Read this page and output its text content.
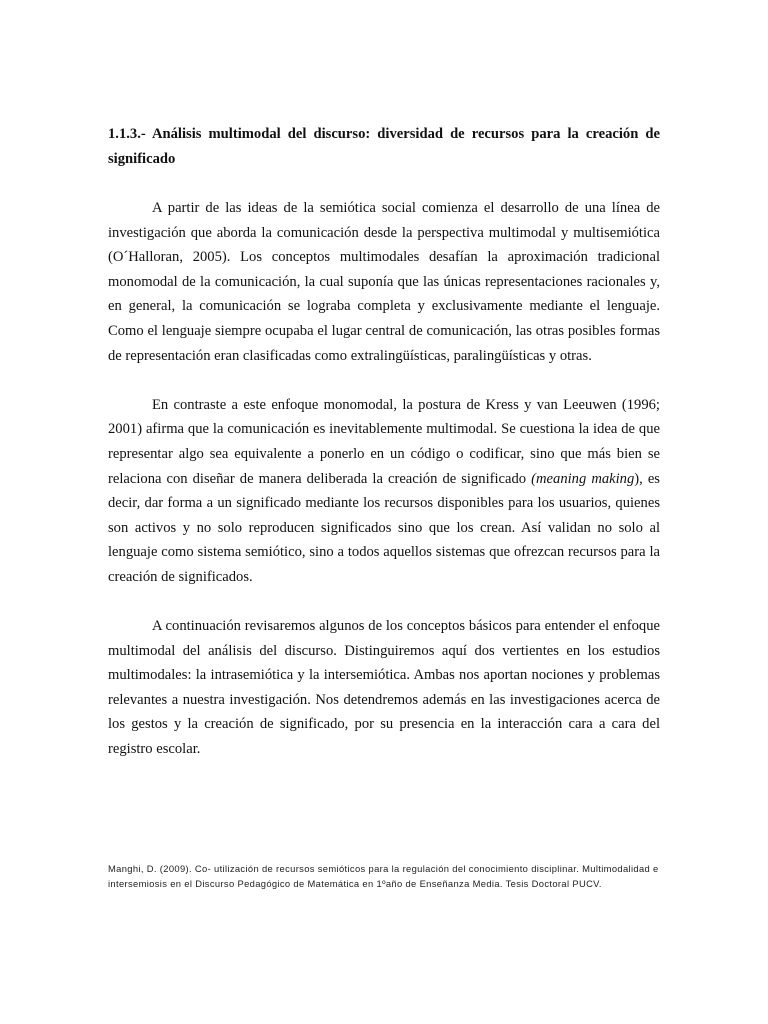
1.1.3.- Análisis multimodal del discurso: diversidad de recursos para la creación de significado

A partir de las ideas de la semiótica social comienza el desarrollo de una línea de investigación que aborda la comunicación desde la perspectiva multimodal y multisemiótica (O´Halloran, 2005). Los conceptos multimodales desafían la aproximación tradicional monomodal de la comunicación, la cual suponía que las únicas representaciones racionales y, en general, la comunicación se lograba completa y exclusivamente mediante el lenguaje. Como el lenguaje siempre ocupaba el lugar central de comunicación, las otras posibles formas de representación eran clasificadas como extralingüísticas, paralingüísticas y otras.

En contraste a este enfoque monomodal, la postura de Kress y van Leeuwen (1996; 2001) afirma que la comunicación es inevitablemente multimodal. Se cuestiona la idea de que representar algo sea equivalente a ponerlo en un código o codificar, sino que más bien se relaciona con diseñar de manera deliberada la creación de significado (meaning making), es decir, dar forma a un significado mediante los recursos disponibles para los usuarios, quienes son activos y no solo reproducen significados sino que los crean. Así validan no solo al lenguaje como sistema semiótico, sino a todos aquellos sistemas que ofrezcan recursos para la creación de significados.

A continuación revisaremos algunos de los conceptos básicos para entender el enfoque multimodal del análisis del discurso. Distinguiremos aquí dos vertientes en los estudios multimodales: la intrasemiótica y la intersemiótica. Ambas nos aportan nociones y problemas relevantes a nuestra investigación. Nos detendremos además en las investigaciones acerca de los gestos y la creación de significado, por su presencia en la interacción cara a cara del registro escolar.

Manghi, D. (2009). Co- utilización de recursos semióticos para la regulación del conocimiento disciplinar. Multimodalidad e intersemiosis en el Discurso Pedagógico de Matemática en 1ºaño de Enseñanza Media. Tesis Doctoral PUCV.
